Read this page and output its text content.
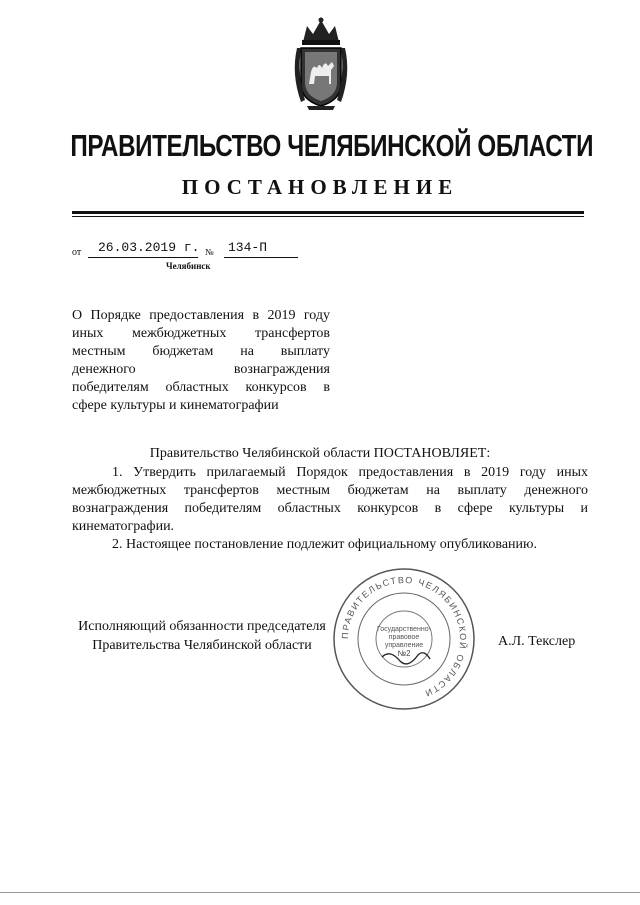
ПРАВИТЕЛЬСТВО ЧЕЛЯБИНСКОЙ ОБЛАСТИ
ПОСТАНОВЛЕНИЕ
от 26.03.2019 г. № 134-П
Челябинск
О Порядке предоставления в 2019 году
иных межбюджетных трансфертов
местным бюджетам на выплату
денежного вознаграждения
победителям областных конкурсов в
сфере культуры и кинематографии
Правительство Челябинской области ПОСТАНОВЛЯЕТ:

1. Утвердить прилагаемый Порядок предоставления в 2019 году иных межбюджетных трансфертов местным бюджетам на выплату денежного вознаграждения победителям областных конкурсов в сфере культуры и кинематографии.

2. Настоящее постановление подлежит официальному опубликованию.

ПРАВИТЕЛЬСТВО ЧЕЛЯБИНСКОЙ ОБЛАСТИ
Государственно-
правовое
управление
№2
Исполняющий обязанности председателя
Правительства Челябинской области	А.Л. Текслер
